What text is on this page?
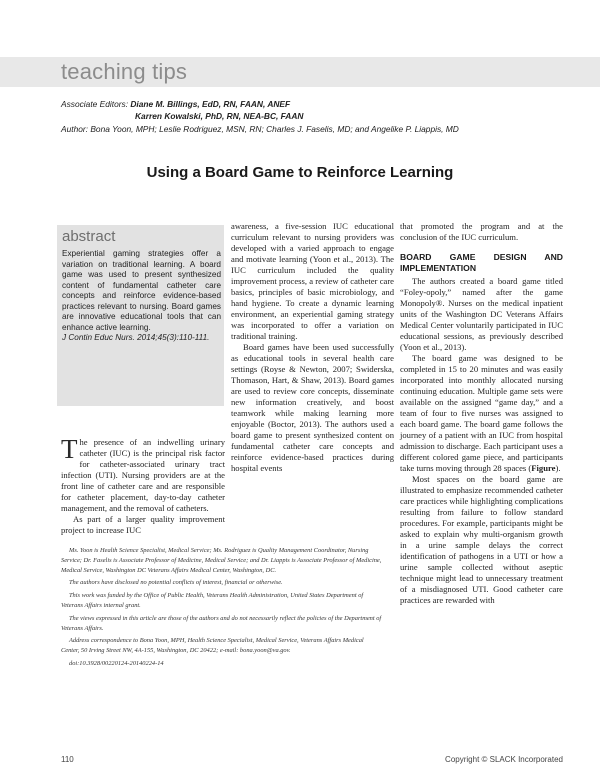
teaching tips
Associate Editors: Diane M. Billings, EdD, RN, FAAN, ANEF
Karren Kowalski, PhD, RN, NEA-BC, FAAN
Author: Bona Yoon, MPH; Leslie Rodriguez, MSN, RN; Charles J. Faselis, MD; and Angelike P. Liappis, MD
Using a Board Game to Reinforce Learning
abstract
Experiential gaming strategies offer a variation on traditional learning. A board game was used to present synthesized content of fundamental catheter care concepts and reinforce evidence-based practices relevant to nursing. Board games are innovative educational tools that can enhance active learning.
J Contin Educ Nurs. 2014;45(3):110-111.

The presence of an indwelling urinary catheter (IUC) is the principal risk factor for catheter-associated urinary tract infection (UTI). Nursing providers are at the front line of catheter care and are responsible for catheter placement, day-to-day catheter management, and the removal of catheters.

As part of a larger quality improvement project to increase IUC

awareness, a five-session IUC educational curriculum relevant to nursing providers was developed with a varied approach to engage and motivate learning (Yoon et al., 2013). The IUC curriculum included the quality improvement process, a review of catheter care basics, principles of basic microbiology, and hand hygiene. To create a dynamic learning environment, an experiential gaming strategy was incorporated to offer a variation on traditional training.

Board games have been used successfully as educational tools in several health care settings (Royse & Newton, 2007; Swiderska, Thomason, Hart, & Shaw, 2013). Board games are used to review core concepts, disseminate new information creatively, and boost teamwork while making learning more enjoyable (Boctor, 2013). The authors used a board game to present synthesized content on fundamental catheter care concepts and reinforce evidence-based practices during hospital events

that promoted the program and at the conclusion of the IUC curriculum.

BOARD GAME DESIGN AND IMPLEMENTATION

The authors created a board game titled “Foley-opoly,” named after the game Monopoly®. Nurses on the medical inpatient units of the Washington DC Veterans Affairs Medical Center voluntarily participated in IUC educational sessions, as previously described (Yoon et al., 2013).

The board game was designed to be completed in 15 to 20 minutes and was easily incorporated into monthly allocated nursing continuing education. Multiple game sets were available on the assigned “game day,” and a team of four to five nurses was assigned to each board game. The board game follows the journey of a patient with an IUC from hospital admission to discharge. Each participant uses a different colored game piece, and participants take turns moving through 28 spaces (Figure).

Most spaces on the board game are illustrated to emphasize recommended catheter care practices while highlighting complications resulting from failure to follow standard procedures. For example, participants might be asked to explain why multi-organism growth in a urine sample delays the correct identification of pathogens in a UTI or how a urine sample collected without aseptic technique might lead to unnecessary treatment of a misdiagnosed UTI. Good catheter care practices are rewarded with

Ms. Yoon is Health Science Specialist, Medical Service; Ms. Rodriguez is Quality Management Coordinator, Nursing Service; Dr. Faselis is Associate Professor of Medicine, Medical Service; and Dr. Liappis is Associate Professor of Medicine, Medical Service, Washington DC Veterans Affairs Medical Center, Washington, DC.
The authors have disclosed no potential conflicts of interest, financial or otherwise.
This work was funded by the Office of Public Health, Veterans Health Administration, United States Department of Veterans Affairs internal grant.
The views expressed in this article are those of the authors and do not necessarily reflect the policies of the Department of Veterans Affairs.
Address correspondence to Bona Yoon, MPH, Health Science Specialist, Medical Service, Veterans Affairs Medical Center, 50 Irving Street NW, 4A-155, Washington, DC 20422; e-mail: bona.yoon@va.gov.
doi:10.3928/00220124-20140224-14
110	Copyright © SLACK Incorporated
